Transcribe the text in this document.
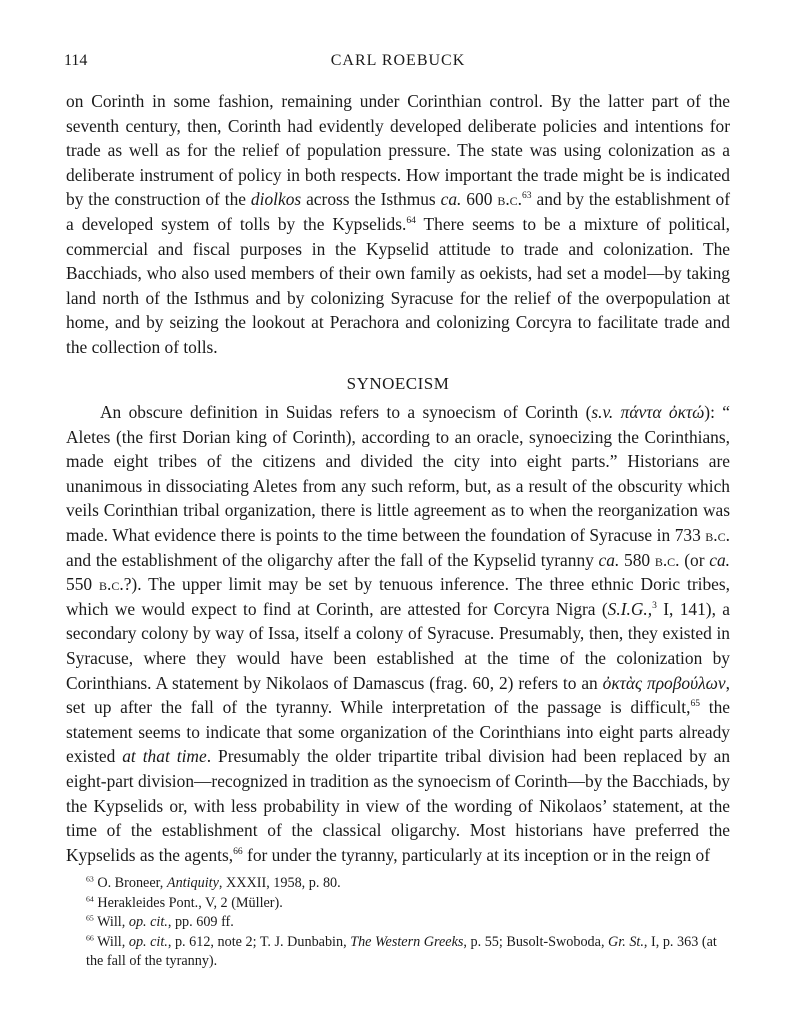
114	CARL ROEBUCK

on Corinth in some fashion, remaining under Corinthian control. By the latter part of the seventh century, then, Corinth had evidently developed deliberate policies and intentions for trade as well as for the relief of population pressure. The state was using colonization as a deliberate instrument of policy in both respects. How important the trade might be is indicated by the construction of the diolkos across the Isthmus ca. 600 b.c.$^{63}$ and by the establishment of a developed system of tolls by the Kypselids.$^{64}$ There seems to be a mixture of political, commercial and fiscal purposes in the Kypselid attitude to trade and colonization. The Bacchiads, who also used members of their own family as oekists, had set a model—by taking land north of the Isthmus and by colonizing Syracuse for the relief of the overpopulation at home, and by seizing the lookout at Perachora and colonizing Corcyra to facilitate trade and the collection of tolls.

SYNOECISM

An obscure definition in Suidas refers to a synoecism of Corinth (s.v. πάντα ὀκτώ): “ Aletes (the first Dorian king of Corinth), according to an oracle, synoecizing the Corinthians, made eight tribes of the citizens and divided the city into eight parts.” Historians are unanimous in dissociating Aletes from any such reform, but, as a result of the obscurity which veils Corinthian tribal organization, there is little agreement as to when the reorganization was made. What evidence there is points to the time between the foundation of Syracuse in 733 b.c. and the establishment of the oligarchy after the fall of the Kypselid tyranny ca. 580 b.c. (or ca. 550 b.c.?). The upper limit may be set by tenuous inference. The three ethnic Doric tribes, which we would expect to find at Corinth, are attested for Corcyra Nigra (S.I.G.,$^3$ I, 141), a secondary colony by way of Issa, itself a colony of Syracuse. Presumably, then, they existed in Syracuse, where they would have been established at the time of the colonization by Corinthians. A statement by Nikolaos of Damascus (frag. 60, 2) refers to an ὀκτὰς προβούλων, set up after the fall of the tyranny. While interpretation of the passage is difficult,$^{65}$ the statement seems to indicate that some organization of the Corinthians into eight parts already existed at that time. Presumably the older tripartite tribal division had been replaced by an eight-part division—recognized in tradition as the synoecism of Corinth—by the Bacchiads, by the Kypselids or, with less probability in view of the wording of Nikolaos’ statement, at the time of the establishment of the classical oligarchy. Most historians have preferred the Kypselids as the agents,$^{66}$ for under the tyranny, particularly at its inception or in the reign of

$^{63}$ O. Broneer, Antiquity, XXXII, 1958, p. 80.

$^{64}$ Herakleides Pont., V, 2 (Müller).

$^{65}$ Will, op. cit., pp. 609 ff.

$^{66}$ Will, op. cit., p. 612, note 2; T. J. Dunbabin, The Western Greeks, p. 55; Busolt-Swoboda, Gr. St., I, p. 363 (at the fall of the tyranny).
